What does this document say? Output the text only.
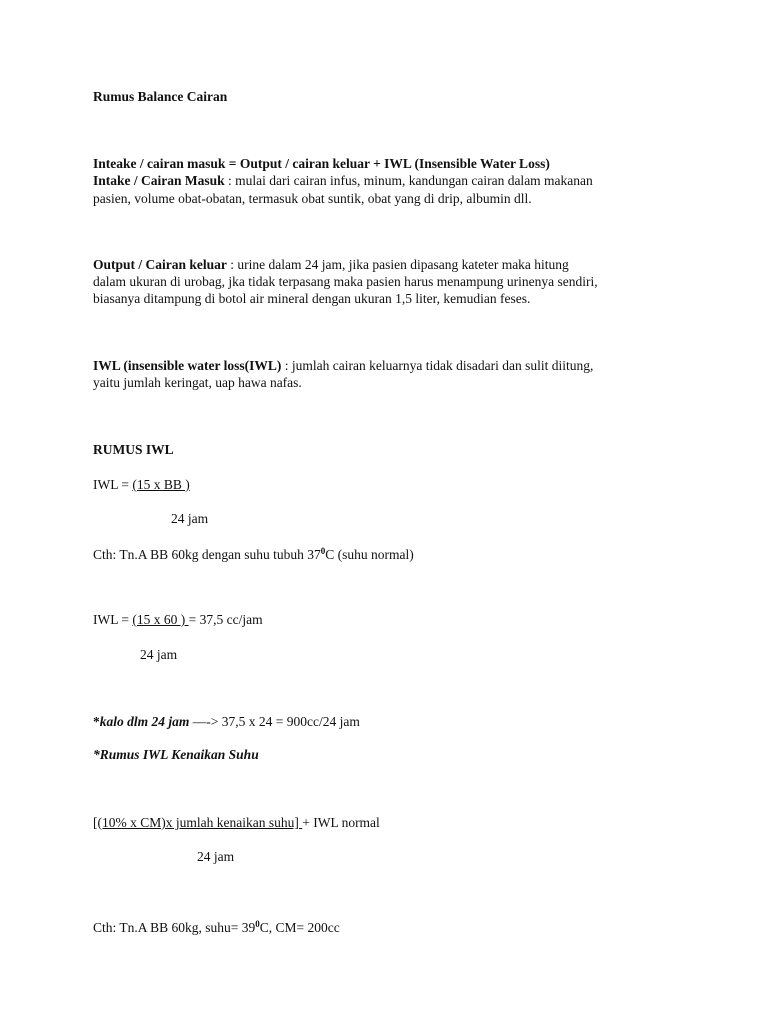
Rumus Balance Cairan
Inteake / cairan masuk = Output / cairan keluar + IWL (Insensible Water Loss)
Intake / Cairan Masuk : mulai dari cairan infus, minum, kandungan cairan dalam makanan
pasien, volume obat-obatan, termasuk obat suntik, obat yang di drip, albumin dll.
Output / Cairan keluar : urine dalam 24 jam, jika pasien dipasang kateter maka hitung
dalam ukuran di urobag, jka tidak terpasang maka pasien harus menampung urinenya sendiri,
biasanya ditampung di botol air mineral dengan ukuran 1,5 liter, kemudian feses.
IWL (insensible water loss(IWL) : jumlah cairan keluarnya tidak disadari dan sulit diitung,
yaitu jumlah keringat, uap hawa nafas.
RUMUS IWL
IWL = (15 x BB )
24 jam
Cth: Tn.A BB 60kg dengan suhu tubuh $37^0C$ (suhu normal)
IWL = (15 x 60 ) = 37,5 cc/jam
24 jam
*kalo dlm 24 jam —-> 37,5 x 24 = 900cc/24 jam
*Rumus IWL Kenaikan Suhu
[(10% x CM)x jumlah kenaikan suhu] + IWL normal
24 jam
Cth: Tn.A BB 60kg, suhu= $39^0C$, CM= 200cc
